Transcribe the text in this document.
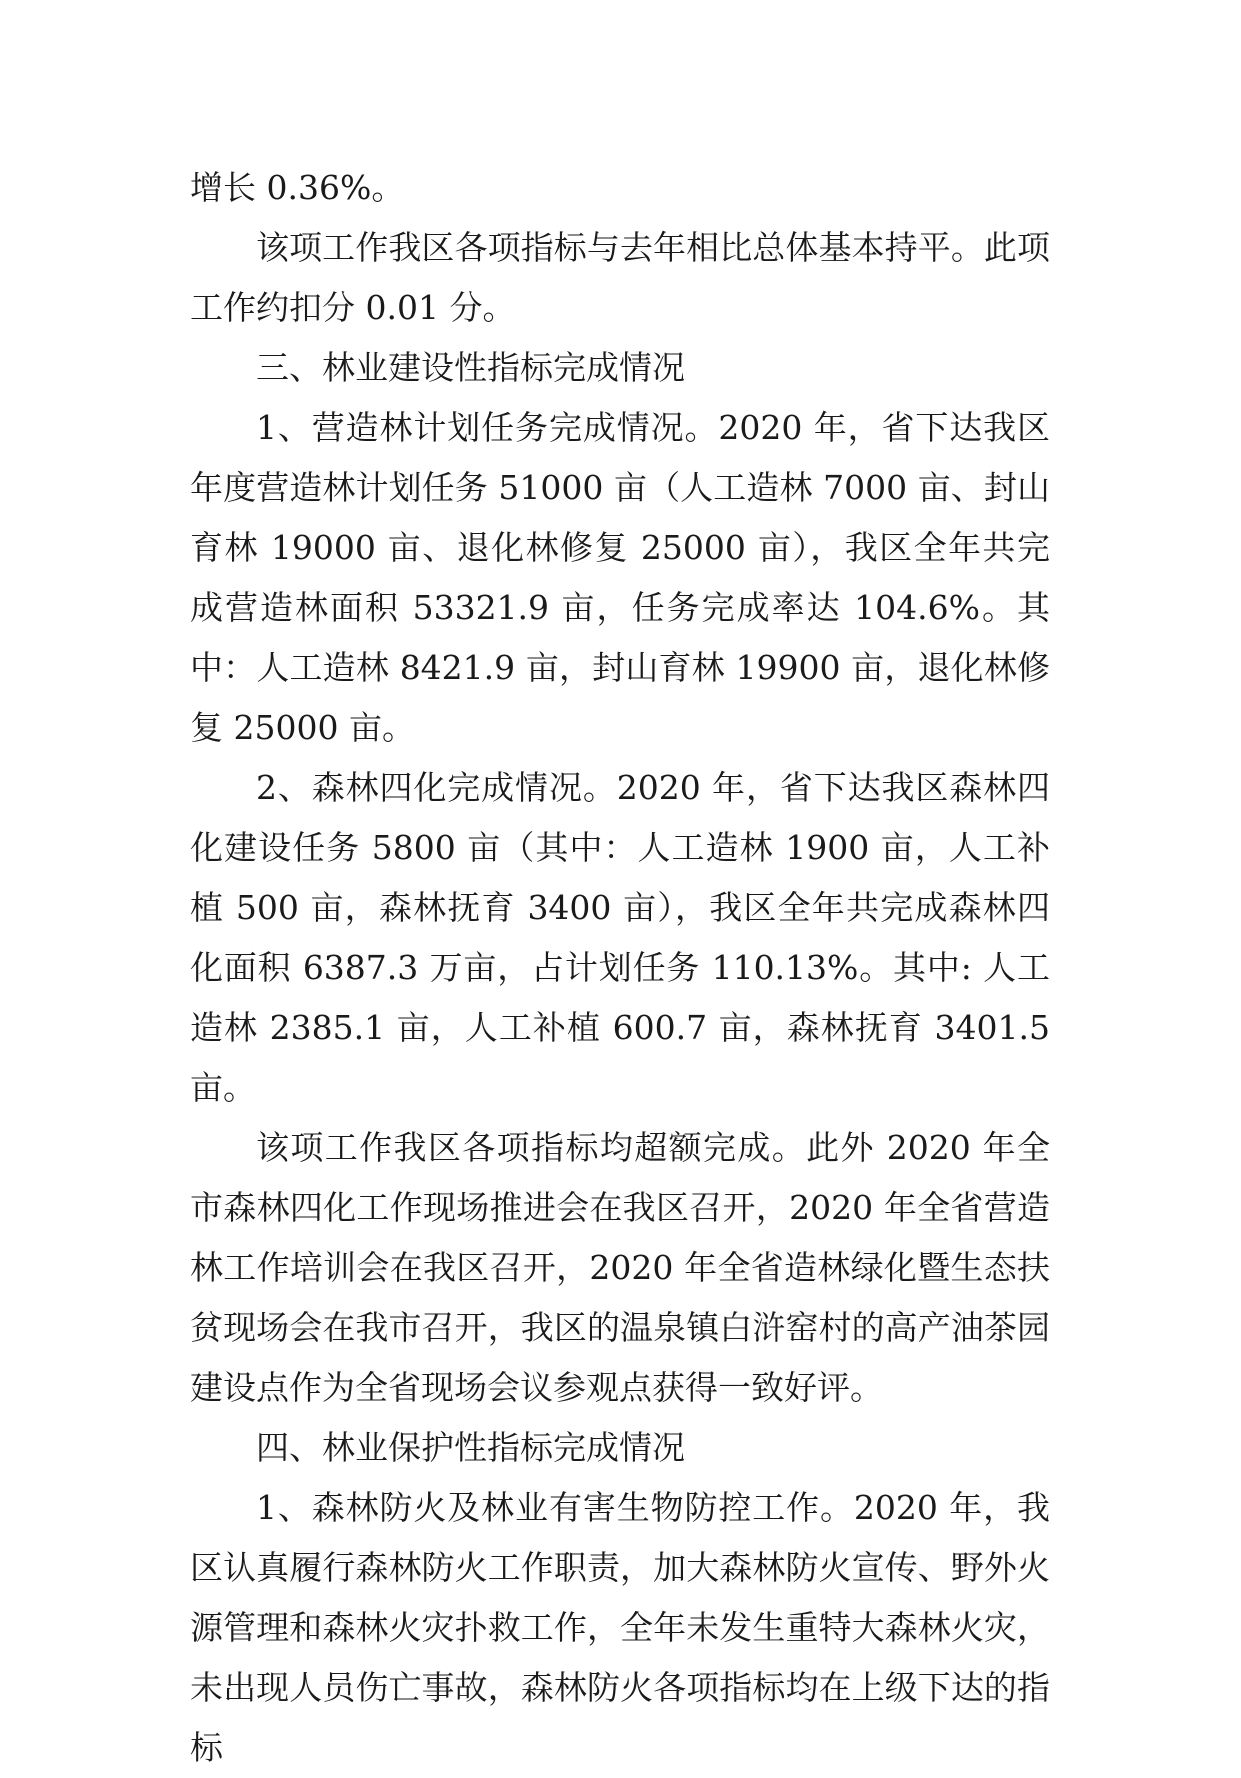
增长 0.36%。

该项工作我区各项指标与去年相比总体基本持平。此项工作约扣分 0.01 分。

三、林业建设性指标完成情况

1、营造林计划任务完成情况。2020 年，省下达我区年度营造林计划任务 51000 亩（人工造林 7000 亩、封山育林 19000 亩、退化林修复 25000 亩），我区全年共完成营造林面积 53321.9 亩，任务完成率达 104.6%。其中：人工造林 8421.9 亩，封山育林 19900 亩，退化林修复 25000 亩。

2、森林四化完成情况。2020 年，省下达我区森林四化建设任务 5800 亩（其中：人工造林 1900 亩，人工补植 500 亩，森林抚育 3400 亩），我区全年共完成森林四化面积 6387.3 万亩，占计划任务 110.13%。其中: 人工造林 2385.1 亩，人工补植 600.7 亩，森林抚育 3401.5 亩。

该项工作我区各项指标均超额完成。此外 2020 年全市森林四化工作现场推进会在我区召开，2020 年全省营造林工作培训会在我区召开，2020 年全省造林绿化暨生态扶贫现场会在我市召开，我区的温泉镇白浒窑村的高产油茶园建设点作为全省现场会议参观点获得一致好评。

四、林业保护性指标完成情况

1、森林防火及林业有害生物防控工作。2020 年，我区认真履行森林防火工作职责，加大森林防火宣传、野外火源管理和森林火灾扑救工作，全年未发生重特大森林火灾，未出现人员伤亡事故，森林防火各项指标均在上级下达的指标
